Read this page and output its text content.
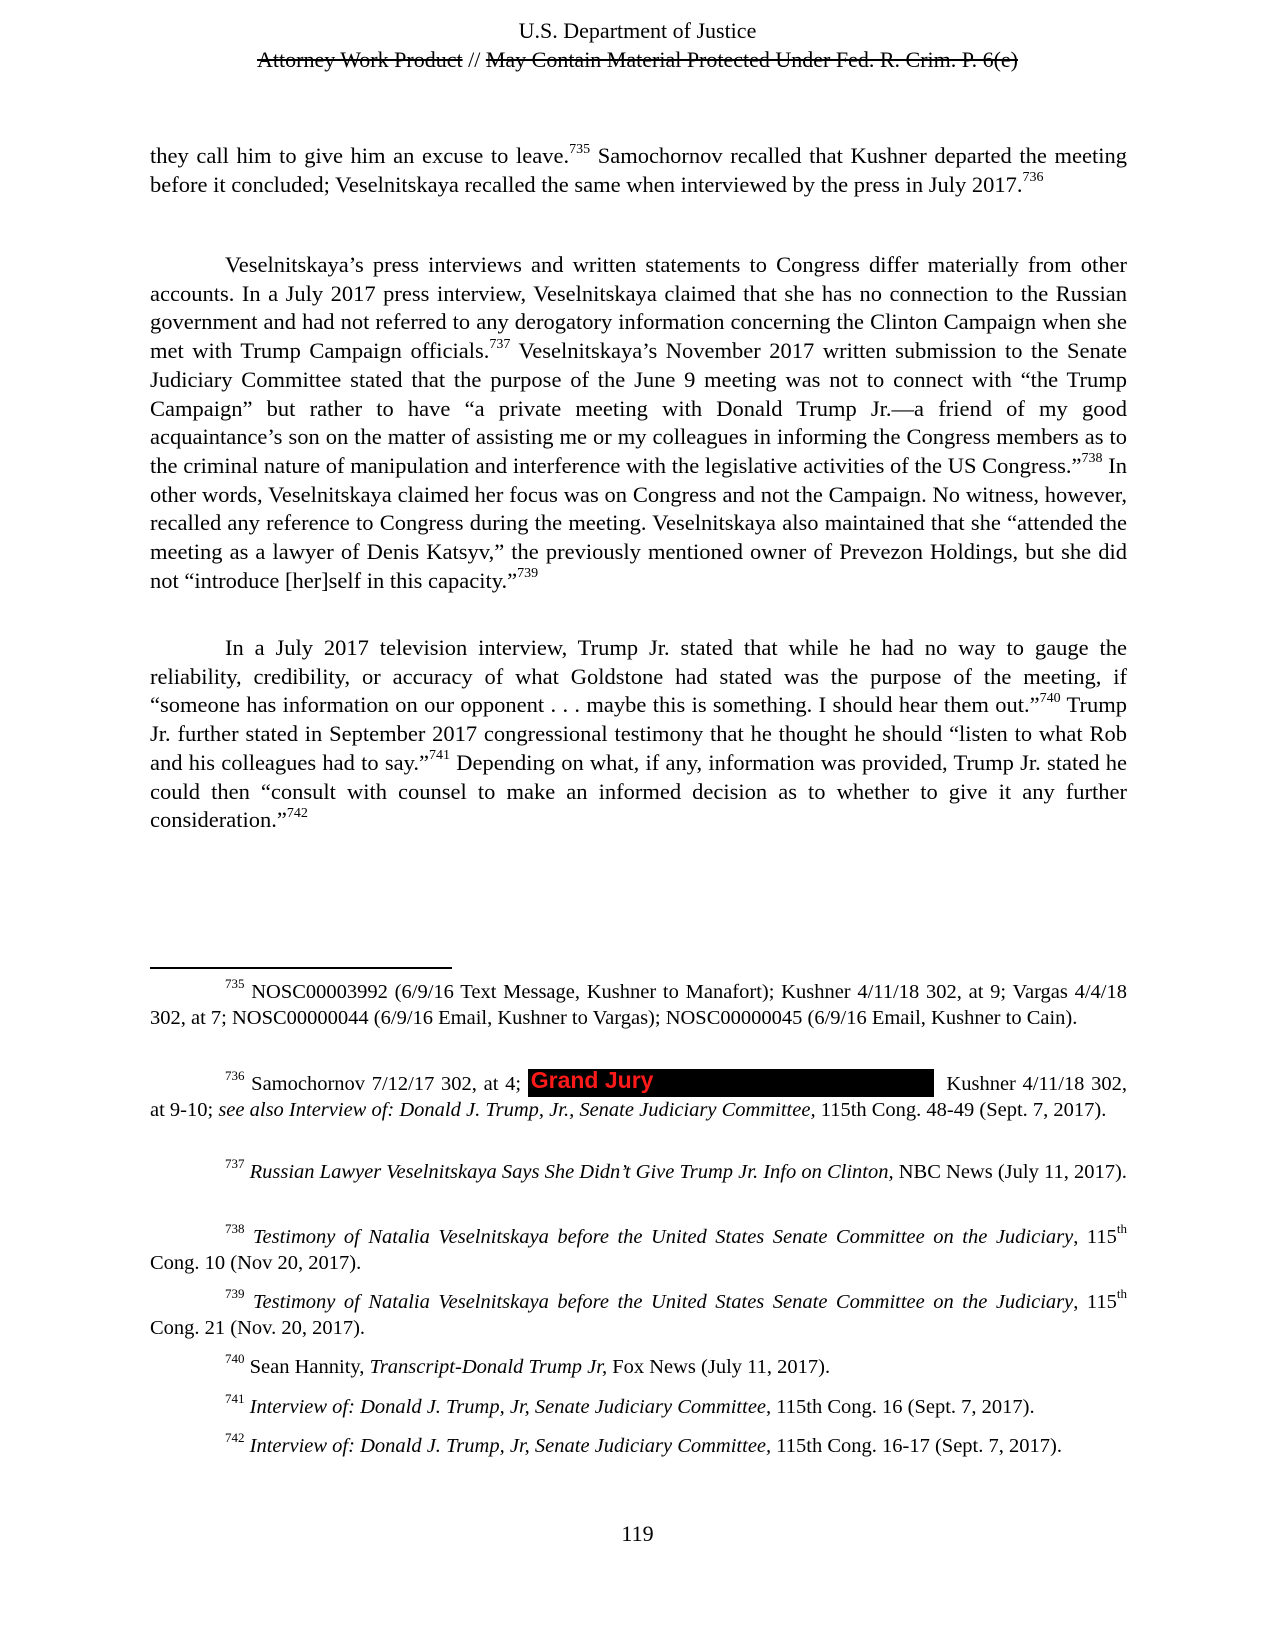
U.S. Department of Justice
Attorney Work Product // May Contain Material Protected Under Fed. R. Crim. P. 6(e)

they call him to give him an excuse to leave.$^{735}$ Samochornov recalled that Kushner departed the meeting before it concluded; Veselnitskaya recalled the same when interviewed by the press in July 2017.$^{736}$

Veselnitskaya’s press interviews and written statements to Congress differ materially from other accounts. In a July 2017 press interview, Veselnitskaya claimed that she has no connection to the Russian government and had not referred to any derogatory information concerning the Clinton Campaign when she met with Trump Campaign officials.$^{737}$ Veselnitskaya’s November 2017 written submission to the Senate Judiciary Committee stated that the purpose of the June 9 meeting was not to connect with “the Trump Campaign” but rather to have “a private meeting with Donald Trump Jr.—a friend of my good acquaintance’s son on the matter of assisting me or my colleagues in informing the Congress members as to the criminal nature of manipulation and interference with the legislative activities of the US Congress.”$^{738}$ In other words, Veselnitskaya claimed her focus was on Congress and not the Campaign. No witness, however, recalled any reference to Congress during the meeting. Veselnitskaya also maintained that she “attended the meeting as a lawyer of Denis Katsyv,” the previously mentioned owner of Prevezon Holdings, but she did not “introduce [her]self in this capacity.”$^{739}$

In a July 2017 television interview, Trump Jr. stated that while he had no way to gauge the reliability, credibility, or accuracy of what Goldstone had stated was the purpose of the meeting, if “someone has information on our opponent . . . maybe this is something. I should hear them out.”$^{740}$ Trump Jr. further stated in September 2017 congressional testimony that he thought he should “listen to what Rob and his colleagues had to say.”$^{741}$ Depending on what, if any, information was provided, Trump Jr. stated he could then “consult with counsel to make an informed decision as to whether to give it any further consideration.”$^{742}$

$^{735}$ NOSC00003992 (6/9/16 Text Message, Kushner to Manafort); Kushner 4/11/18 302, at 9; Vargas 4/4/18 302, at 7; NOSC00000044 (6/9/16 Email, Kushner to Vargas); NOSC00000045 (6/9/16 Email, Kushner to Cain).

$^{736}$ Samochornov 7/12/17 302, at 4; Grand Jury	Kushner 4/11/18 302, at 9-10; see also Interview of: Donald J. Trump, Jr., Senate Judiciary Committee, 115th Cong. 48-49 (Sept. 7, 2017).

$^{737}$ Russian Lawyer Veselnitskaya Says She Didn’t Give Trump Jr. Info on Clinton, NBC News (July 11, 2017).

$^{738}$ Testimony of Natalia Veselnitskaya before the United States Senate Committee on the Judiciary, 115th Cong. 10 (Nov 20, 2017).

$^{739}$ Testimony of Natalia Veselnitskaya before the United States Senate Committee on the Judiciary, 115th Cong. 21 (Nov. 20, 2017).

$^{740}$ Sean Hannity, Transcript-Donald Trump Jr, Fox News (July 11, 2017).

$^{741}$ Interview of: Donald J. Trump, Jr, Senate Judiciary Committee, 115th Cong. 16 (Sept. 7, 2017).

$^{742}$ Interview of: Donald J. Trump, Jr, Senate Judiciary Committee, 115th Cong. 16-17 (Sept. 7, 2017).

119
